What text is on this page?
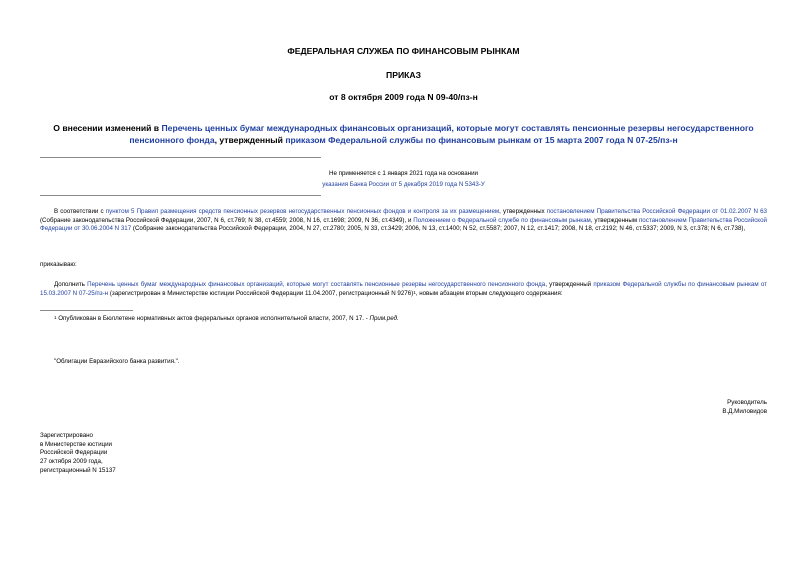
ФЕДЕРАЛЬНАЯ СЛУЖБА ПО ФИНАНСОВЫМ РЫНКАМ
ПРИКАЗ
от 8 октября 2009 года N 09-40/пз-н
О внесении изменений в Перечень ценных бумаг международных финансовых организаций, которые могут составлять пенсионные резервы негосударственного пенсионного фонда, утвержденный приказом Федеральной службы по финансовым рынкам от 15 марта 2007 года N 07-25/пз-н
Не применяется с 1 января 2021 года на основании
указания Банка России от 5 декабря 2019 года N 5343-У
В соответствии с пунктом 5 Правил размещения средств пенсионных резервов негосударственных пенсионных фондов и контроля за их размещением, утвержденных постановлением Правительства Российской Федерации от 01.02.2007 N 63 (Собрание законодательства Российской Федерации, 2007, N 6, ст.769; N 38, ст.4559; 2008, N 16, ст.1698; 2009, N 36, ст.4349), и Положением о Федеральной службе по финансовым рынкам, утвержденным постановлением Правительства Российской Федерации от 30.06.2004 N 317 (Собрание законодательства Российской Федерации, 2004, N 27, ст.2780; 2005, N 33, ст.3429; 2006, N 13, ст.1400; N 52, ст.5587; 2007, N 12, ст.1417; 2008, N 18, ст.2192; N 46, ст.5337; 2009, N 3, ст.378; N 6, ст.738),
приказываю:
Дополнить Перечень ценных бумаг международных финансовых организаций, которые могут составлять пенсионные резервы негосударственного пенсионного фонда, утвержденный приказом Федеральной службы по финансовым рынкам от 15.03.2007 N 07-25/пз-н (зарегистрирован в Министерстве юстиции Российской Федерации 11.04.2007, регистрационный N 9276)$^1$, новым абзацем вторым следующего содержания:
$^1$ Опубликован в Бюллетене нормативных актов федеральных органов исполнительной власти, 2007, N 17. - Прим.ред.
"Облигации Евразийского банка развития.".
Руководитель
В.Д.Миловидов
Зарегистрировано
в Министерстве юстиции
Российской Федерации
27 октября 2009 года,
регистрационный N 15137
